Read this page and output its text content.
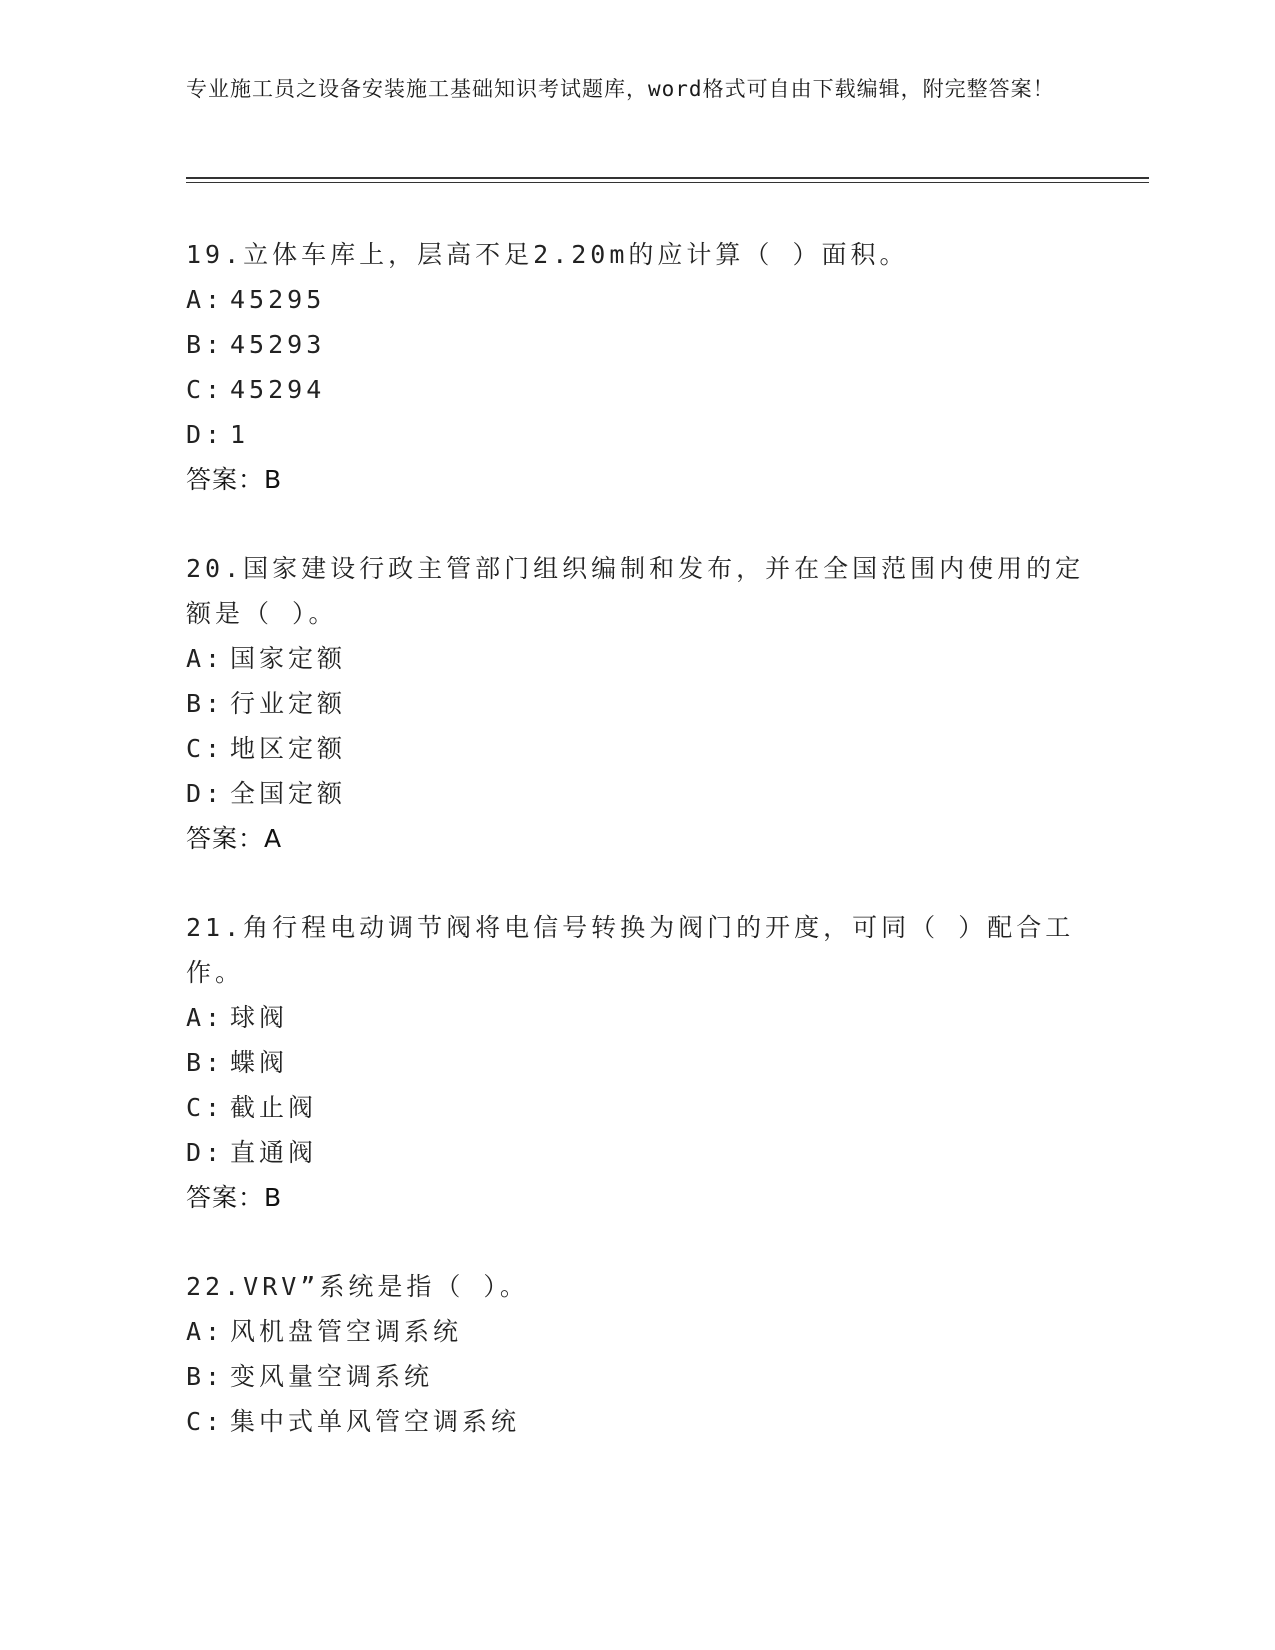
专业施工员之设备安装施工基础知识考试题库，word格式可自由下载编辑，附完整答案！

19.立体车库上，层高不足2.20m的应计算（ ）面积。

A: 45295

B: 45293

C: 45294

D: 1

答案：B

20.国家建设行政主管部门组织编制和发布，并在全国范围内使用的定额是（ ）。

A: 国家定额

B: 行业定额

C: 地区定额

D: 全国定额

答案：A

21.角行程电动调节阀将电信号转换为阀门的开度，可同（ ）配合工作。

A: 球阀

B: 蝶阀

C: 截止阀

D: 直通阀

答案：B

22.VRV”系统是指（ ）。

A: 风机盘管空调系统

B: 变风量空调系统

C: 集中式单风管空调系统
